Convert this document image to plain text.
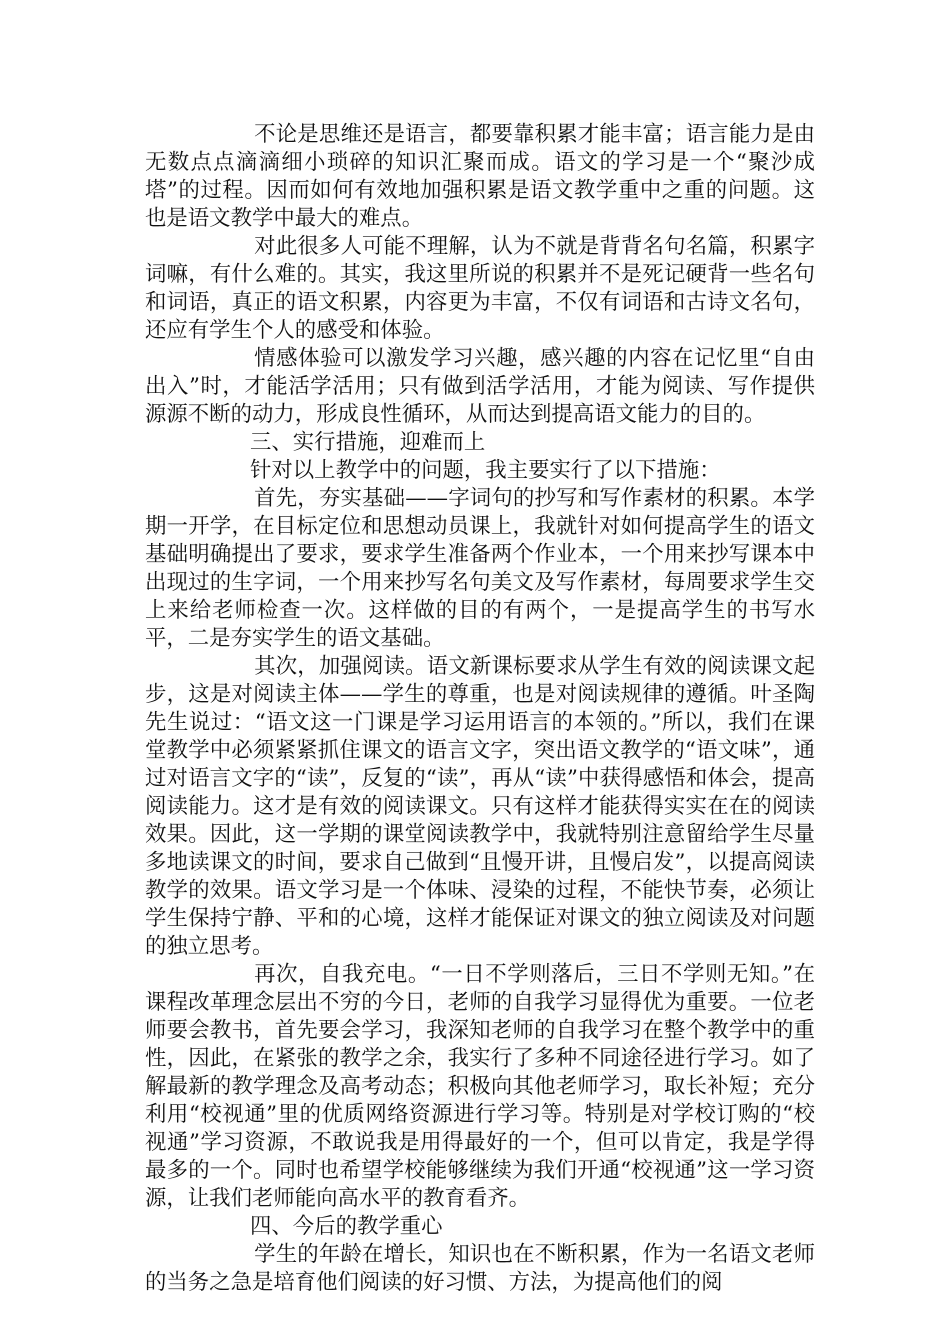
不论是思维还是语言，都要靠积累才能丰富；语言能力是由无数点点滴滴细小琐碎的知识汇聚而成。语文的学习是一个“聚沙成塔”的过程。因而如何有效地加强积累是语文教学重中之重的问题。这也是语文教学中最大的难点。

对此很多人可能不理解，认为不就是背背名句名篇，积累字词嘛，有什么难的。其实，我这里所说的积累并不是死记硬背一些名句和词语，真正的语文积累，内容更为丰富，不仅有词语和古诗文名句，还应有学生个人的感受和体验。

情感体验可以激发学习兴趣，感兴趣的内容在记忆里“自由出入”时，才能活学活用；只有做到活学活用，才能为阅读、写作提供源源不断的动力，形成良性循环，从而达到提高语文能力的目的。

三、实行措施，迎难而上

针对以上教学中的问题，我主要实行了以下措施：

首先，夯实基础——字词句的抄写和写作素材的积累。本学期一开学，在目标定位和思想动员课上，我就针对如何提高学生的语文基础明确提出了要求，要求学生准备两个作业本，一个用来抄写课本中出现过的生字词，一个用来抄写名句美文及写作素材，每周要求学生交上来给老师检查一次。这样做的目的有两个，一是提高学生的书写水平，二是夯实学生的语文基础。

其次，加强阅读。语文新课标要求从学生有效的阅读课文起步，这是对阅读主体——学生的尊重，也是对阅读规律的遵循。叶圣陶先生说过：“语文这一门课是学习运用语言的本领的。”所以，我们在课堂教学中必须紧紧抓住课文的语言文字，突出语文教学的“语文味”，通过对语言文字的“读”，反复的“读”，再从“读”中获得感悟和体会，提高阅读能力。这才是有效的阅读课文。只有这样才能获得实实在在的阅读效果。因此，这一学期的课堂阅读教学中，我就特别注意留给学生尽量多地读课文的时间，要求自己做到“且慢开讲，且慢启发”，以提高阅读教学的效果。语文学习是一个体味、浸染的过程，不能快节奏，必须让学生保持宁静、平和的心境，这样才能保证对课文的独立阅读及对问题的独立思考。

再次，自我充电。“一日不学则落后，三日不学则无知。”在课程改革理念层出不穷的今日，老师的自我学习显得优为重要。一位老师要会教书，首先要会学习，我深知老师的自我学习在整个教学中的重性，因此，在紧张的教学之余，我实行了多种不同途径进行学习。如了解最新的教学理念及高考动态；积极向其他老师学习，取长补短；充分利用“校视通”里的优质网络资源进行学习等。特别是对学校订购的“校视通”学习资源，不敢说我是用得最好的一个，但可以肯定，我是学得最多的一个。同时也希望学校能够继续为我们开通“校视通”这一学习资源，让我们老师能向高水平的教育看齐。

四、今后的教学重心

学生的年龄在增长，知识也在不断积累，作为一名语文老师的当务之急是培育他们阅读的好习惯、方法，为提高他们的阅
